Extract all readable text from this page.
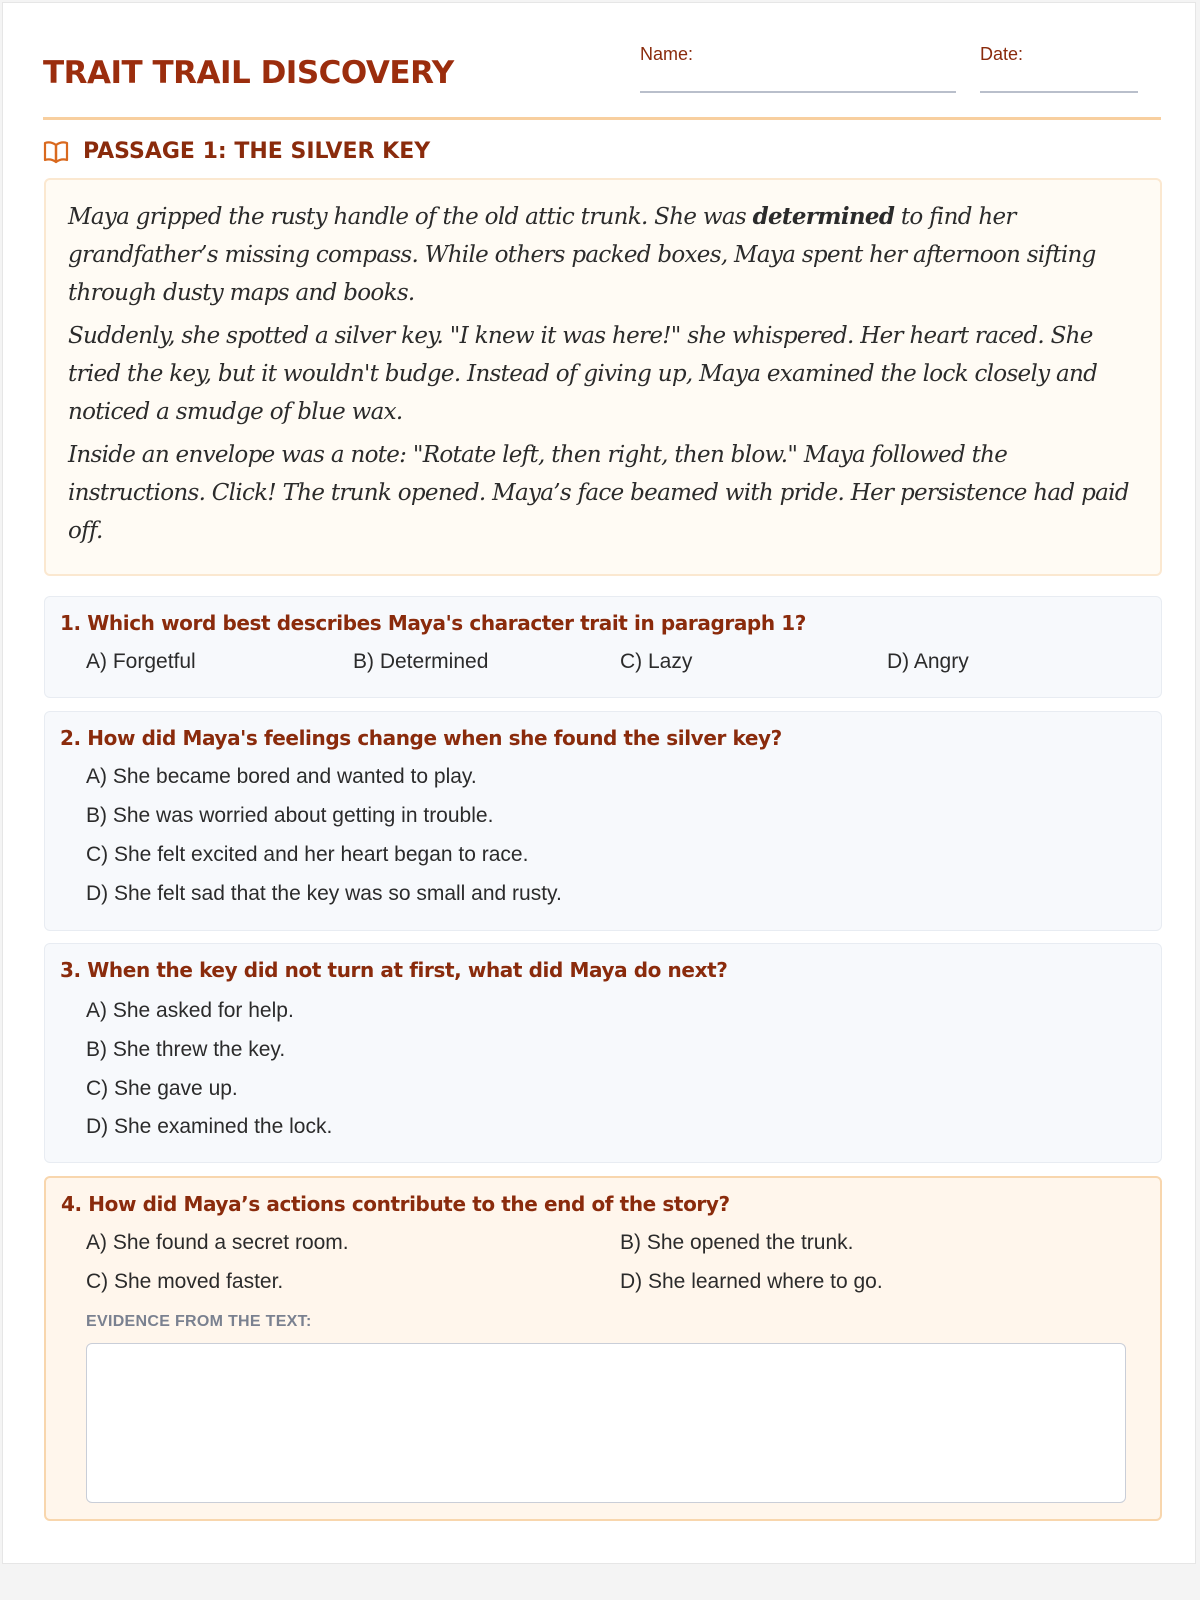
TRAIT TRAIL DISCOVERY
Name:	Date:
PASSAGE 1: THE SILVER KEY

Maya gripped the rusty handle of the old attic trunk. She was determined to find her grandfather’s missing compass. While others packed boxes, Maya spent her afternoon sifting through dusty maps and books.

Suddenly, she spotted a silver key. "I knew it was here!" she whispered. Her heart raced. She tried the key, but it wouldn't budge. Instead of giving up, Maya examined the lock closely and noticed a smudge of blue wax.

Inside an envelope was a note: "Rotate left, then right, then blow." Maya followed the instructions. Click! The trunk opened. Maya’s face beamed with pride. Her persistence had paid off.

1. Which word best describes Maya's character trait in paragraph 1?
A) Forgetful	B) Determined	C) Lazy	D) Angry
2. How did Maya's feelings change when she found the silver key?
A) She became bored and wanted to play.
B) She was worried about getting in trouble.
C) She felt excited and her heart began to race.
D) She felt sad that the key was so small and rusty.
3. When the key did not turn at first, what did Maya do next?
A) She asked for help.
B) She threw the key.
C) She gave up.
D) She examined the lock.
4. How did Maya’s actions contribute to the end of the story?
A) She found a secret room.	B) She opened the trunk.
C) She moved faster.	D) She learned where to go.
EVIDENCE FROM THE TEXT:
